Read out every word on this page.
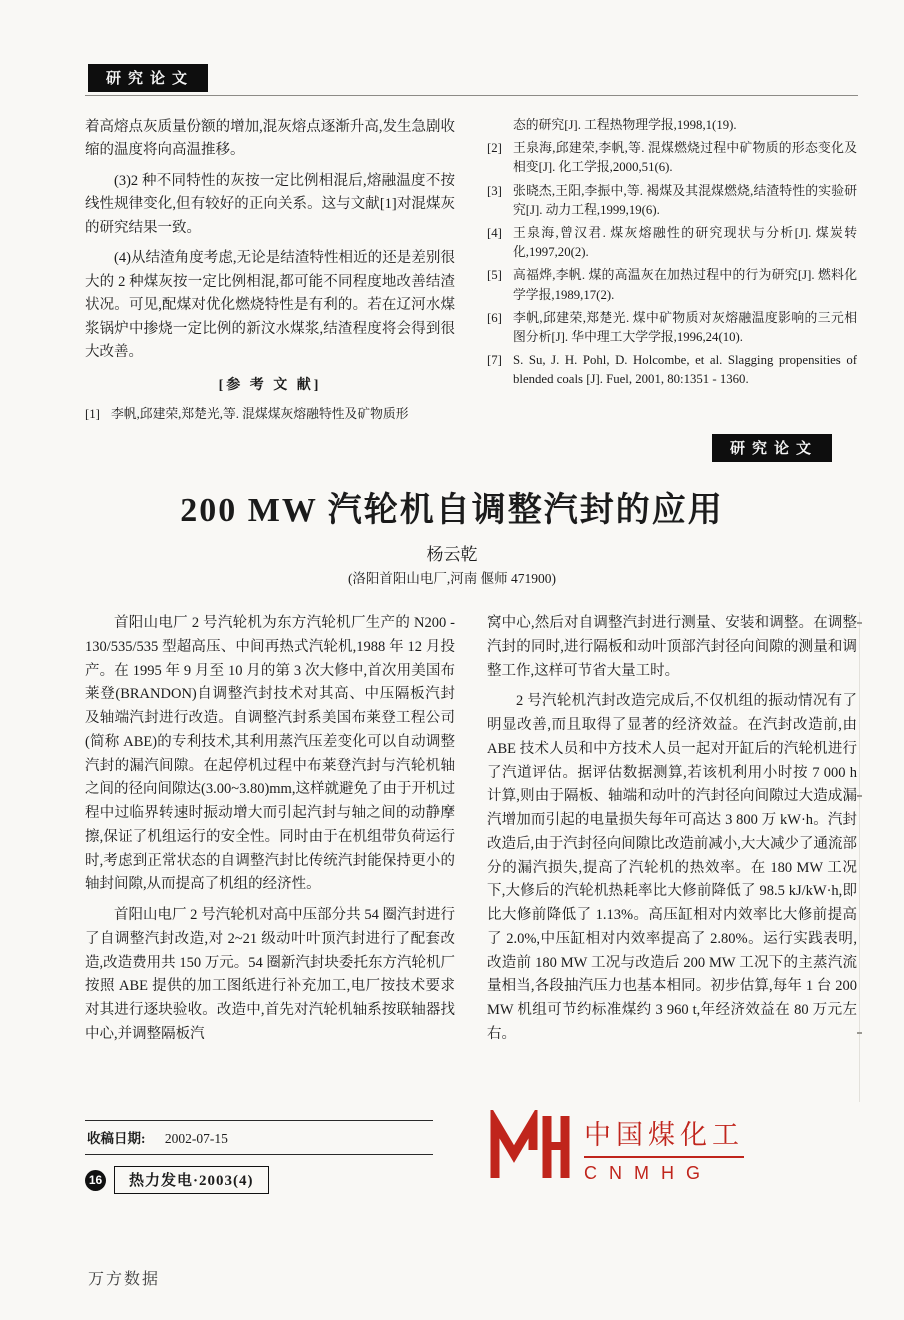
研究论文

着高熔点灰质量份额的增加,混灰熔点逐渐升高,发生急剧收缩的温度将向高温推移。

(3)2 种不同特性的灰按一定比例相混后,熔融温度不按线性规律变化,但有较好的正向关系。这与文献[1]对混煤灰的研究结果一致。

(4)从结渣角度考虑,无论是结渣特性相近的还是差别很大的 2 种煤灰按一定比例相混,都可能不同程度地改善结渣状况。可见,配煤对优化燃烧特性是有利的。若在辽河水煤浆锅炉中掺烧一定比例的新汶水煤浆,结渣程度将会得到很大改善。

[参 考 文 献]
[1] 李帆,邱建荣,郑楚光,等. 混煤煤灰熔融特性及矿物质形
态的研究[J]. 工程热物理学报,1998,1(19).
[2] 王泉海,邱建荣,李帆,等. 混煤燃烧过程中矿物质的形态变化及相变[J]. 化工学报,2000,51(6).
[3] 张晓杰,王阳,李振中,等. 褐煤及其混煤燃烧,结渣特性的实验研究[J]. 动力工程,1999,19(6).
[4] 王泉海,曾汉君. 煤灰熔融性的研究现状与分析[J]. 煤炭转化,1997,20(2).
[5] 高福烨,李帆. 煤的高温灰在加热过程中的行为研究[J]. 燃料化学学报,1989,17(2).
[6] 李帆,邱建荣,郑楚光. 煤中矿物质对灰熔融温度影响的三元相图分析[J]. 华中理工大学学报,1996,24(10).
[7] S. Su, J. H. Pohl, D. Holcombe, et al. Slagging propensities of blended coals [J]. Fuel, 2001, 80:1351 - 1360.
研究论文
200 MW 汽轮机自调整汽封的应用
杨云乾
(洛阳首阳山电厂,河南 偃师 471900)

首阳山电厂 2 号汽轮机为东方汽轮机厂生产的 N200 - 130/535/535 型超高压、中间再热式汽轮机,1988 年 12 月投产。在 1995 年 9 月至 10 月的第 3 次大修中,首次用美国布莱登(BRANDON)自调整汽封技术对其高、中压隔板汽封及轴端汽封进行改造。自调整汽封系美国布莱登工程公司(简称 ABE)的专利技术,其利用蒸汽压差变化可以自动调整汽封的漏汽间隙。在起停机过程中布莱登汽封与汽轮机轴之间的径向间隙达(3.00~3.80)mm,这样就避免了由于开机过程中过临界转速时振动增大而引起汽封与轴之间的动静摩擦,保证了机组运行的安全性。同时由于在机组带负荷运行时,考虑到正常状态的自调整汽封比传统汽封能保持更小的轴封间隙,从而提高了机组的经济性。

首阳山电厂 2 号汽轮机对高中压部分共 54 圈汽封进行了自调整汽封改造,对 2~21 级动叶叶顶汽封进行了配套改造,改造费用共 150 万元。54 圈新汽封块委托东方汽轮机厂按照 ABE 提供的加工图纸进行补充加工,电厂按技术要求对其进行逐块验收。改造中,首先对汽轮机轴系按联轴器找中心,并调整隔板汽

窝中心,然后对自调整汽封进行测量、安装和调整。在调整汽封的同时,进行隔板和动叶顶部汽封径向间隙的测量和调整工作,这样可节省大量工时。

2 号汽轮机汽封改造完成后,不仅机组的振动情况有了明显改善,而且取得了显著的经济效益。在汽封改造前,由 ABE 技术人员和中方技术人员一起对开缸后的汽轮机进行了汽道评估。据评估数据测算,若该机利用小时按 7 000 h 计算,则由于隔板、轴端和动叶的汽封径向间隙过大造成漏汽增加而引起的电量损失每年可高达 3 800 万 kW·h。汽封改造后,由于汽封径向间隙比改造前减小,大大减少了通流部分的漏汽损失,提高了汽轮机的热效率。在 180 MW 工况下,大修后的汽轮机热耗率比大修前降低了 98.5 kJ/kW·h,即比大修前降低了 1.13%。高压缸相对内效率比大修前提高了 2.0%,中压缸相对内效率提高了 2.80%。运行实践表明,改造前 180 MW 工况与改造后 200 MW 工况下的主蒸汽流量相当,各段抽汽压力也基本相同。初步估算,每年 1 台 200 MW 机组可节约标准煤约 3 960 t,年经济效益在 80 万元左右。

收稿日期: 2002-07-15
16	热力发电·2003(4)
中国煤化工
CNMHG
万方数据
